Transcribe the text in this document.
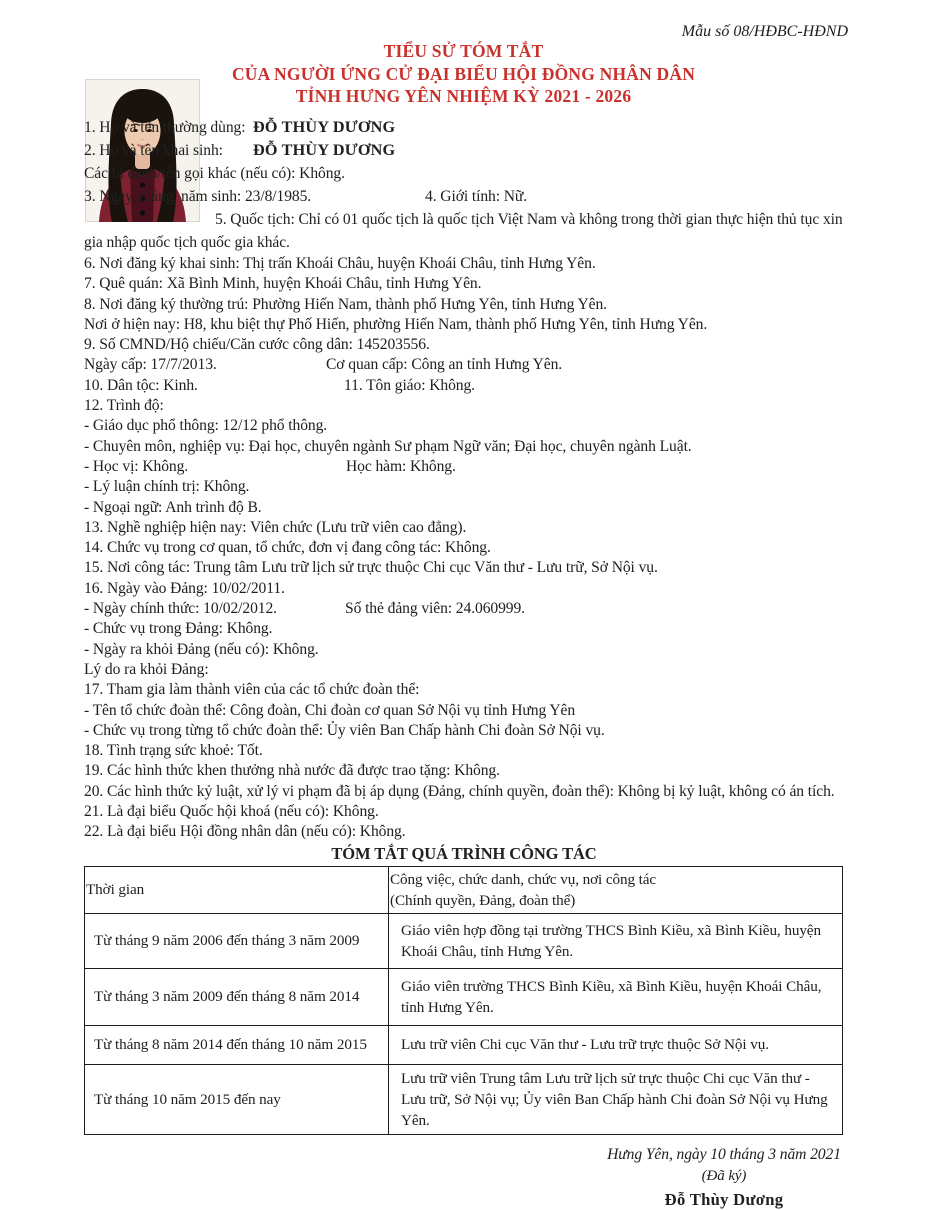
Mẫu số 08/HĐBC-HĐND
TIỂU SỬ TÓM TẮT
CỦA NGƯỜI ỨNG CỬ ĐẠI BIỂU HỘI ĐỒNG NHÂN DÂN
TỈNH HƯNG YÊN NHIỆM KỲ 2021 - 2026

1. Họ và tên thường dùng: ĐỖ THÙY DƯƠNG

2. Họ và tên khai sinh: ĐỖ THÙY DƯƠNG

Các bí danh/tên gọi khác (nếu có): Không.

3. Ngày, tháng, năm sinh: 23/8/1985.	4. Giới tính: Nữ.

5. Quốc tịch: Chỉ có 01 quốc tịch là quốc tịch Việt Nam và không trong thời gian thực hiện thủ tục xin gia nhập quốc tịch quốc gia khác.

6. Nơi đăng ký khai sinh: Thị trấn Khoái Châu, huyện Khoái Châu, tỉnh Hưng Yên.

7. Quê quán: Xã Bình Minh, huyện Khoái Châu, tỉnh Hưng Yên.

8. Nơi đăng ký thường trú: Phường Hiến Nam, thành phố Hưng Yên, tỉnh Hưng Yên.

Nơi ở hiện nay: H8, khu biệt thự Phố Hiến, phường Hiến Nam, thành phố Hưng Yên, tỉnh Hưng Yên.

9. Số CMND/Hộ chiếu/Căn cước công dân: 145203556.

Ngày cấp: 17/7/2013.	Cơ quan cấp: Công an tỉnh Hưng Yên.

10. Dân tộc: Kinh.	11. Tôn giáo: Không.

12. Trình độ:

- Giáo dục phổ thông: 12/12 phổ thông.

- Chuyên môn, nghiệp vụ: Đại học, chuyên ngành Sư phạm Ngữ văn; Đại học, chuyên ngành Luật.

- Học vị: Không.	Học hàm: Không.

- Lý luận chính trị: Không.

- Ngoại ngữ: Anh trình độ B.

13. Nghề nghiệp hiện nay: Viên chức (Lưu trữ viên cao đẳng).

14. Chức vụ trong cơ quan, tổ chức, đơn vị đang công tác: Không.

15. Nơi công tác: Trung tâm Lưu trữ lịch sử trực thuộc Chi cục Văn thư - Lưu trữ, Sở Nội vụ.

16. Ngày vào Đảng: 10/02/2011.

- Ngày chính thức: 10/02/2012.	Số thẻ đảng viên: 24.060999.

- Chức vụ trong Đảng: Không.

- Ngày ra khỏi Đảng (nếu có): Không.

Lý do ra khỏi Đảng:

17. Tham gia làm thành viên của các tổ chức đoàn thể:

- Tên tổ chức đoàn thể: Công đoàn, Chi đoàn cơ quan Sở Nội vụ tỉnh Hưng Yên

- Chức vụ trong từng tổ chức đoàn thể: Ủy viên Ban Chấp hành Chi đoàn Sở Nội vụ.

18. Tình trạng sức khoẻ: Tốt.

19. Các hình thức khen thưởng nhà nước đã được trao tặng: Không.

20. Các hình thức kỷ luật, xử lý vi phạm đã bị áp dụng (Đảng, chính quyền, đoàn thể): Không bị kỷ luật, không có án tích.

21. Là đại biểu Quốc hội khoá (nếu có): Không.

22. Là đại biểu Hội đồng nhân dân (nếu có): Không.

TÓM TẮT QUÁ TRÌNH CÔNG TÁC
Thời gian	Công việc, chức danh, chức vụ, nơi công tác
(Chính quyền, Đảng, đoàn thể)

Từ tháng 9 năm 2006 đến tháng 3 năm 2009	Giáo viên hợp đồng tại trường THCS Bình Kiều, xã Bình Kiều, huyện Khoái Châu, tỉnh Hưng Yên.
Từ tháng 3 năm 2009 đến tháng 8 năm 2014	Giáo viên trường THCS Bình Kiều, xã Bình Kiều, huyện Khoái Châu, tỉnh Hưng Yên.
Từ tháng 8 năm 2014 đến tháng 10 năm 2015	Lưu trữ viên Chi cục Văn thư - Lưu trữ trực thuộc Sở Nội vụ.
Từ tháng 10 năm 2015 đến nay	Lưu trữ viên Trung tâm Lưu trữ lịch sử trực thuộc Chi cục Văn thư - Lưu trữ, Sở Nội vụ; Ủy viên Ban Chấp hành Chi đoàn Sở Nội vụ Hưng Yên.
Hưng Yên, ngày 10 tháng 3 năm 2021
(Đã ký)
Đỗ Thùy Dương
